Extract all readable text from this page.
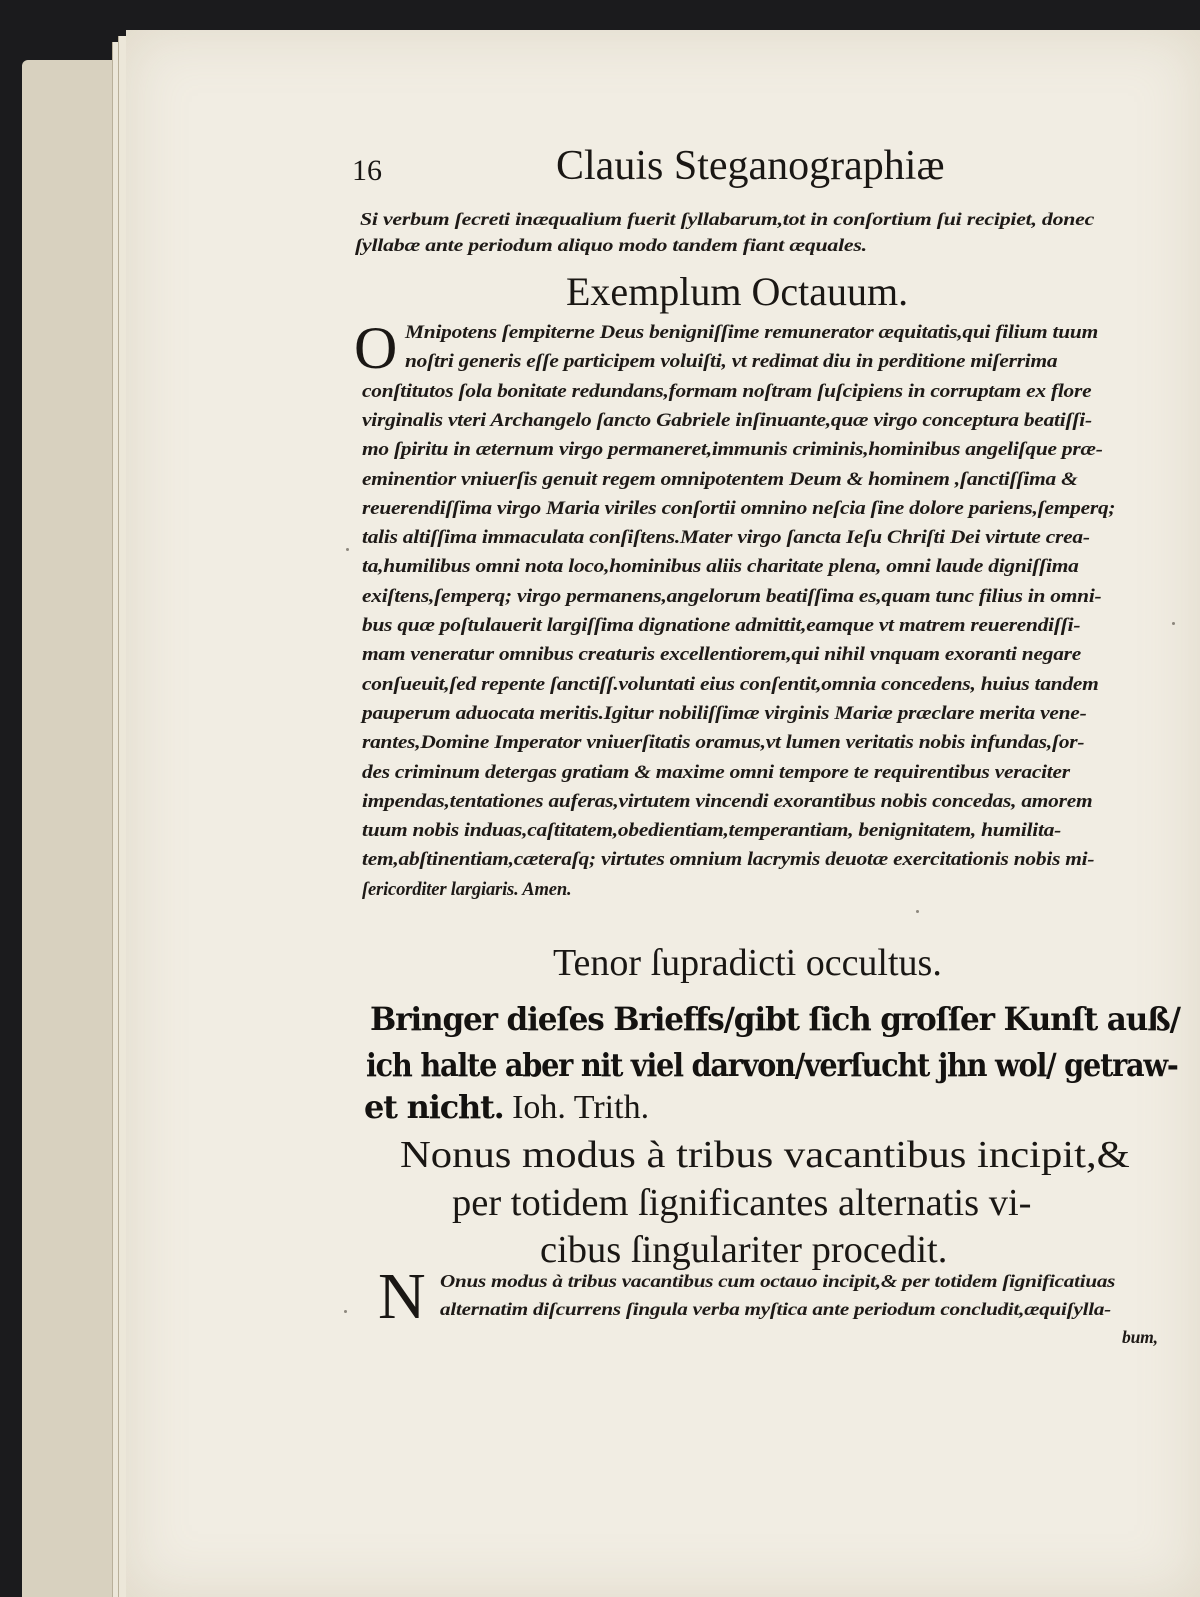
16	Clauis Steganographiæ
Si verbum ſecreti inæqualium fuerit ſyllabarum,tot in conſortium ſui recipiet, donec
ſyllabæ ante periodum aliquo modo tandem fiant æquales.
Exemplum Octauum.
O Mnipotens ſempiterne Deus benigniſſime remunerator æquitatis,qui filium tuum
noſtri generis eſſe participem voluiſti, vt redimat diu in perditione miſerrima
conſtitutos ſola bonitate redundans,formam noſtram ſuſcipiens in corruptam ex flore
virginalis vteri Archangelo ſancto Gabriele inſinuante,quæ virgo conceptura beatiſſi-
mo ſpiritu in æternum virgo permaneret,immunis criminis,hominibus angeliſque præ-
eminentior vniuerſis genuit regem omnipotentem Deum & hominem ,ſanctiſſima &
reuerendiſſima virgo Maria viriles conſortii omnino neſcia ſine dolore pariens,ſemperq;
talis altiſſima immaculata conſiſtens.Mater virgo ſancta Ieſu Chriſti Dei virtute crea-
ta,humilibus omni nota loco,hominibus aliis charitate plena, omni laude digniſſima
exiſtens,ſemperq; virgo permanens,angelorum beatiſſima es,quam tunc filius in omni-
bus quæ poſtulauerit largiſſima dignatione admittit,eamque vt matrem reuerendiſſi-
mam veneratur omnibus creaturis excellentiorem,qui nihil vnquam exoranti negare
conſueuit,ſed repente ſanctiſſ.voluntati eius conſentit,omnia concedens, huius tandem
pauperum aduocata meritis.Igitur nobiliſſimæ virginis Mariæ præclare merita vene-
rantes,Domine Imperator vniuerſitatis oramus,vt lumen veritatis nobis infundas,ſor-
des criminum detergas gratiam & maxime omni tempore te requirentibus veraciter
impendas,tentationes auferas,virtutem vincendi exorantibus nobis concedas, amorem
tuum nobis induas,caſtitatem,obedientiam,temperantiam, benignitatem, humilita-
tem,abſtinentiam,cæteraſq; virtutes omnium lacrymis deuotæ exercitationis nobis mi-
ſericorditer largiaris. Amen.
Tenor ſupradicti occultus.
Bringer dieſes Brieffs/gibt ſich groſſer Kunſt auß/
ich halte aber nit viel darvon/verſucht jhn wol/ getraw-
et nicht. Ioh. Trith.
Nonus modus à tribus vacantibus incipit,&
per totidem ſignificantes alternatis vi-
cibus ſingulariter procedit.
N Onus modus à tribus vacantibus cum octauo incipit,& per totidem ſignificatiuas
alternatim diſcurrens ſingula verba myſtica ante periodum concludit,æquiſylla-
bum,
